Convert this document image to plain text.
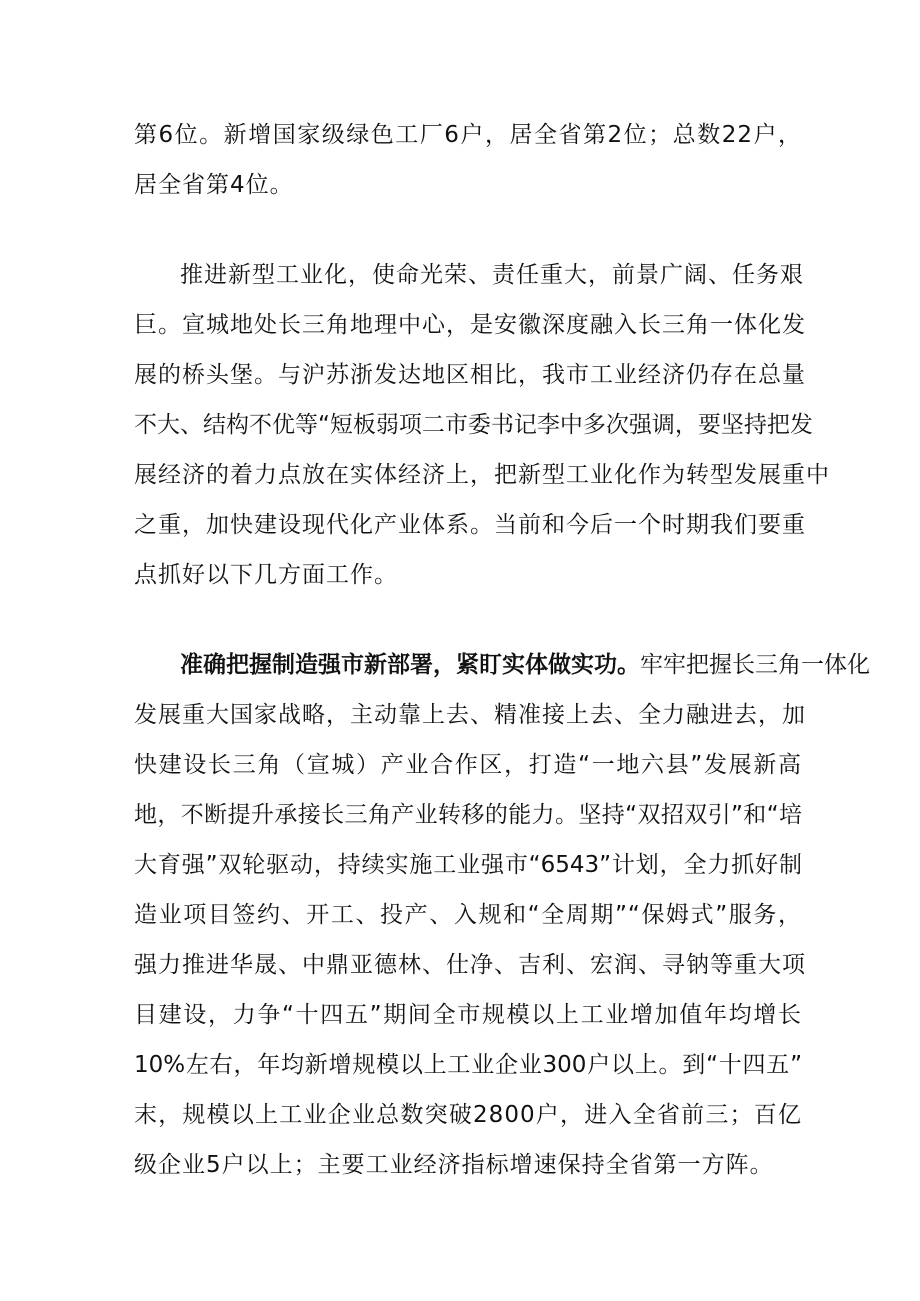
第6位。新增国家级绿色工厂6户，居全省第2位；总数22户，
居全省第4位。
推进新型工业化，使命光荣、责任重大，前景广阔、任务艰
巨。宣城地处长三角地理中心，是安徽深度融入长三角一体化发
展的桥头堡。与沪苏浙发达地区相比，我市工业经济仍存在总量
不大、结构不优等“短板弱项二市委书记李中多次强调，要坚持把发
展经济的着力点放在实体经济上，把新型工业化作为转型发展重中
之重，加快建设现代化产业体系。当前和今后一个时期我们要重
点抓好以下几方面工作。
准确把握制造强市新部署，紧盯实体做实功。牢牢把握长三角一体化
发展重大国家战略，主动靠上去、精准接上去、全力融进去，加
快建设长三角（宣城）产业合作区，打造“一地六县”发展新高
地，不断提升承接长三角产业转移的能力。坚持“双招双引”和“培
大育强”双轮驱动，持续实施工业强市“6543”计划，全力抓好制
造业项目签约、开工、投产、入规和“全周期”“保姆式”服务，
强力推进华晟、中鼎亚德林、仕净、吉利、宏润、寻钠等重大项
目建设，力争“十四五”期间全市规模以上工业增加值年均增长
10%左右，年均新增规模以上工业企业300户以上。到“十四五”
末，规模以上工业企业总数突破2800户，进入全省前三；百亿
级企业5户以上；主要工业经济指标增速保持全省第一方阵。
